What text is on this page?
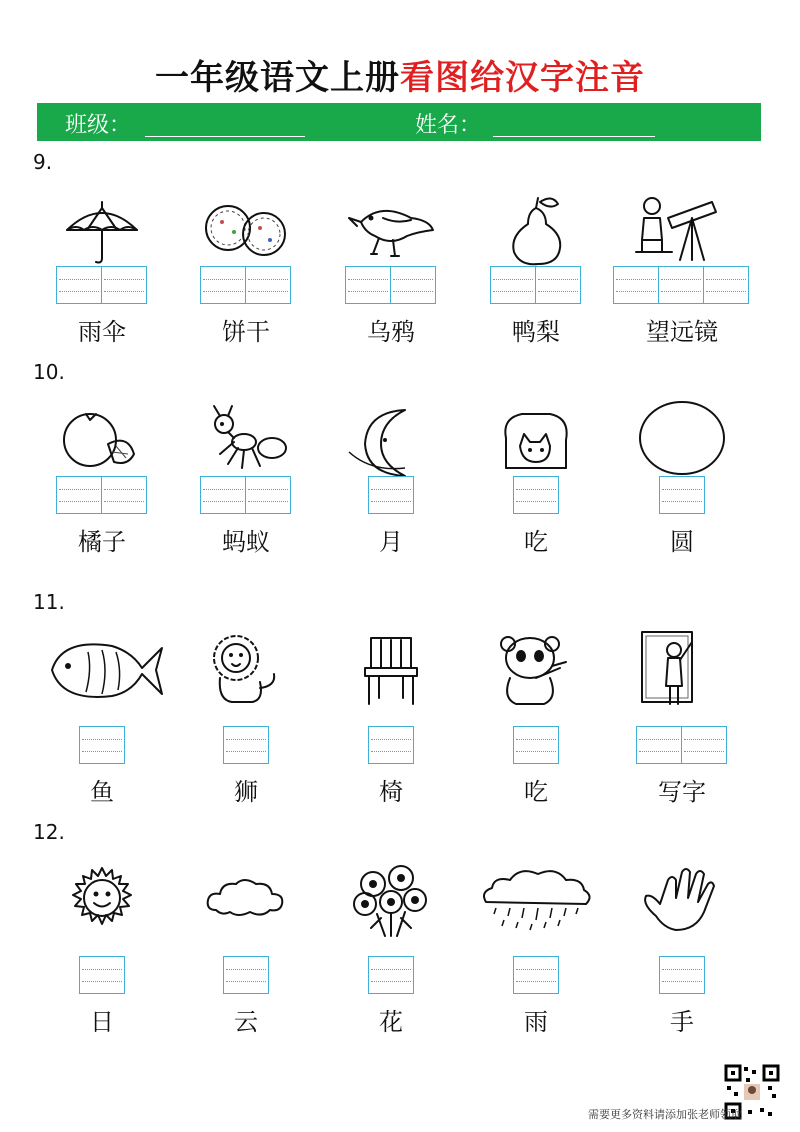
一年级语文上册看图给汉字注音
班级：	姓名：
9.
雨伞	饼干	乌鸦	鸭梨	望远镜
10.
橘子	蚂蚁	月	吃	圆
11.
鱼	狮	椅	吃	写字
12.
日	云	花	雨	手
需要更多资料请添加张老师领取
